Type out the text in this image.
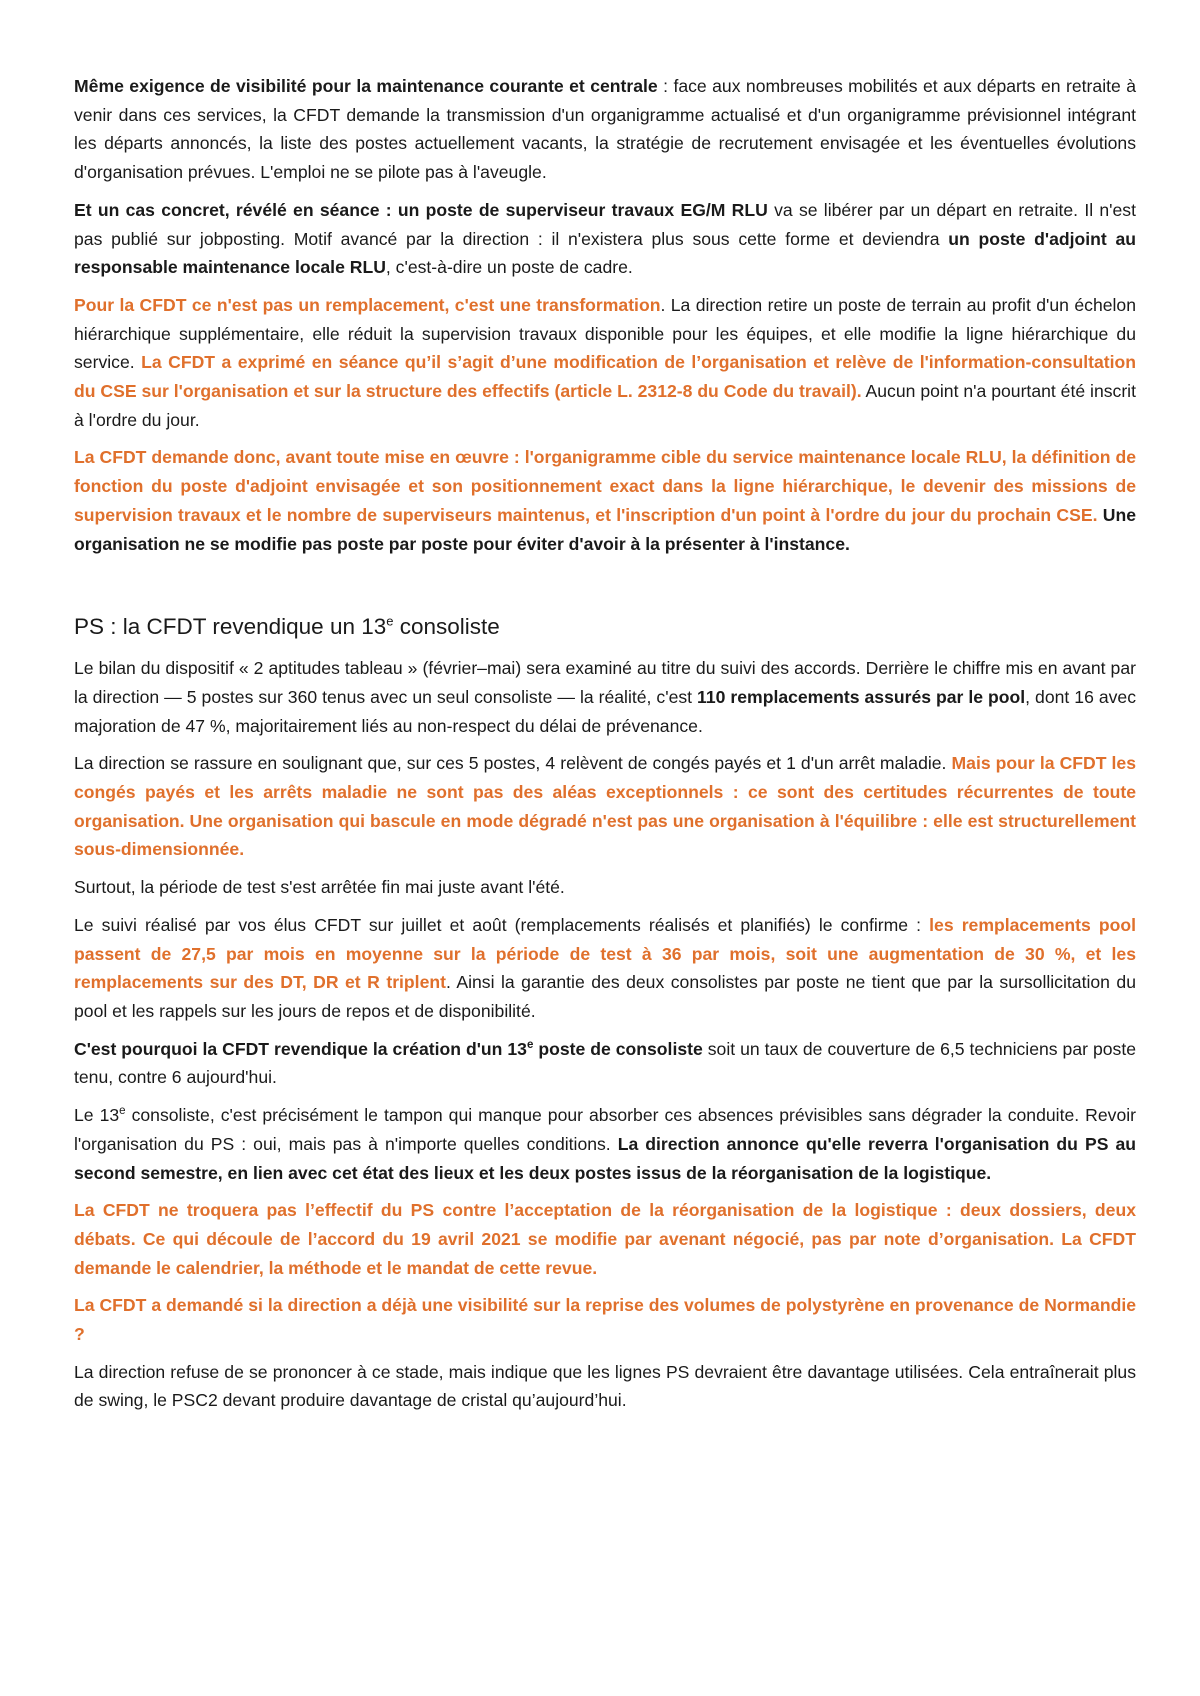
Même exigence de visibilité pour la maintenance courante et centrale : face aux nombreuses mobilités et aux départs en retraite à venir dans ces services, la CFDT demande la transmission d'un organigramme actualisé et d'un organigramme prévisionnel intégrant les départs annoncés, la liste des postes actuellement vacants, la stratégie de recrutement envisagée et les éventuelles évolutions d'organisation prévues. L'emploi ne se pilote pas à l'aveugle.

Et un cas concret, révélé en séance : un poste de superviseur travaux EG/M RLU va se libérer par un départ en retraite. Il n'est pas publié sur jobposting. Motif avancé par la direction : il n'existera plus sous cette forme et deviendra un poste d'adjoint au responsable maintenance locale RLU, c'est-à-dire un poste de cadre.

Pour la CFDT ce n'est pas un remplacement, c'est une transformation. La direction retire un poste de terrain au profit d'un échelon hiérarchique supplémentaire, elle réduit la supervision travaux disponible pour les équipes, et elle modifie la ligne hiérarchique du service. La CFDT a exprimé en séance qu’il s’agit d’une modification de l’organisation et relève de l'information-consultation du CSE sur l'organisation et sur la structure des effectifs (article L. 2312-8 du Code du travail). Aucun point n'a pourtant été inscrit à l'ordre du jour.

La CFDT demande donc, avant toute mise en œuvre : l'organigramme cible du service maintenance locale RLU, la définition de fonction du poste d'adjoint envisagée et son positionnement exact dans la ligne hiérarchique, le devenir des missions de supervision travaux et le nombre de superviseurs maintenus, et l'inscription d'un point à l'ordre du jour du prochain CSE. Une organisation ne se modifie pas poste par poste pour éviter d'avoir à la présenter à l'instance.

PS : la CFDT revendique un 13e consoliste

Le bilan du dispositif « 2 aptitudes tableau » (février–mai) sera examiné au titre du suivi des accords. Derrière le chiffre mis en avant par la direction — 5 postes sur 360 tenus avec un seul consoliste — la réalité, c'est 110 remplacements assurés par le pool, dont 16 avec majoration de 47 %, majoritairement liés au non-respect du délai de prévenance.

La direction se rassure en soulignant que, sur ces 5 postes, 4 relèvent de congés payés et 1 d'un arrêt maladie. Mais pour la CFDT les congés payés et les arrêts maladie ne sont pas des aléas exceptionnels : ce sont des certitudes récurrentes de toute organisation. Une organisation qui bascule en mode dégradé n'est pas une organisation à l'équilibre : elle est structurellement sous-dimensionnée.

Surtout, la période de test s'est arrêtée fin mai juste avant l'été.

Le suivi réalisé par vos élus CFDT sur juillet et août (remplacements réalisés et planifiés) le confirme : les remplacements pool passent de 27,5 par mois en moyenne sur la période de test à 36 par mois, soit une augmentation de 30 %, et les remplacements sur des DT, DR et R triplent. Ainsi la garantie des deux consolistes par poste ne tient que par la sursollicitation du pool et les rappels sur les jours de repos et de disponibilité.

C'est pourquoi la CFDT revendique la création d'un 13e poste de consoliste soit un taux de couverture de 6,5 techniciens par poste tenu, contre 6 aujourd'hui.

Le 13e consoliste, c'est précisément le tampon qui manque pour absorber ces absences prévisibles sans dégrader la conduite. Revoir l'organisation du PS : oui, mais pas à n'importe quelles conditions. La direction annonce qu'elle reverra l'organisation du PS au second semestre, en lien avec cet état des lieux et les deux postes issus de la réorganisation de la logistique.

La CFDT ne troquera pas l’effectif du PS contre l’acceptation de la réorganisation de la logistique : deux dossiers, deux débats. Ce qui découle de l’accord du 19 avril 2021 se modifie par avenant négocié, pas par note d’organisation. La CFDT demande le calendrier, la méthode et le mandat de cette revue.

La CFDT a demandé si la direction a déjà une visibilité sur la reprise des volumes de polystyrène en provenance de Normandie ?

La direction refuse de se prononcer à ce stade, mais indique que les lignes PS devraient être davantage utilisées. Cela entraînerait plus de swing, le PSC2 devant produire davantage de cristal qu’aujourd’hui.
